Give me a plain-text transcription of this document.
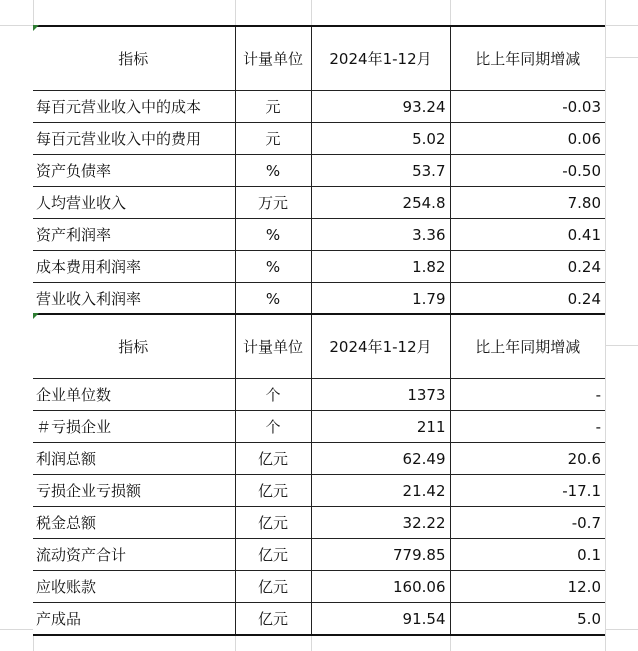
指标	计量单位	2024年1-12月	比上年同期增减
每百元营业收入中的成本	元	93.24	-0.03
每百元营业收入中的费用	元	5.02	0.06
资产负债率	%	53.7	-0.50
人均营业收入	万元	254.8	7.80
资产利润率	%	3.36	0.41
成本费用利润率	%	1.82	0.24
营业收入利润率	%	1.79	0.24
指标	计量单位	2024年1-12月	比上年同期增减
企业单位数	个	1373	-
＃亏损企业	个	211	-
利润总额	亿元	62.49	20.6
亏损企业亏损额	亿元	21.42	-17.1
税金总额	亿元	32.22	-0.7
流动资产合计	亿元	779.85	0.1
应收账款	亿元	160.06	12.0
产成品	亿元	91.54	5.0
